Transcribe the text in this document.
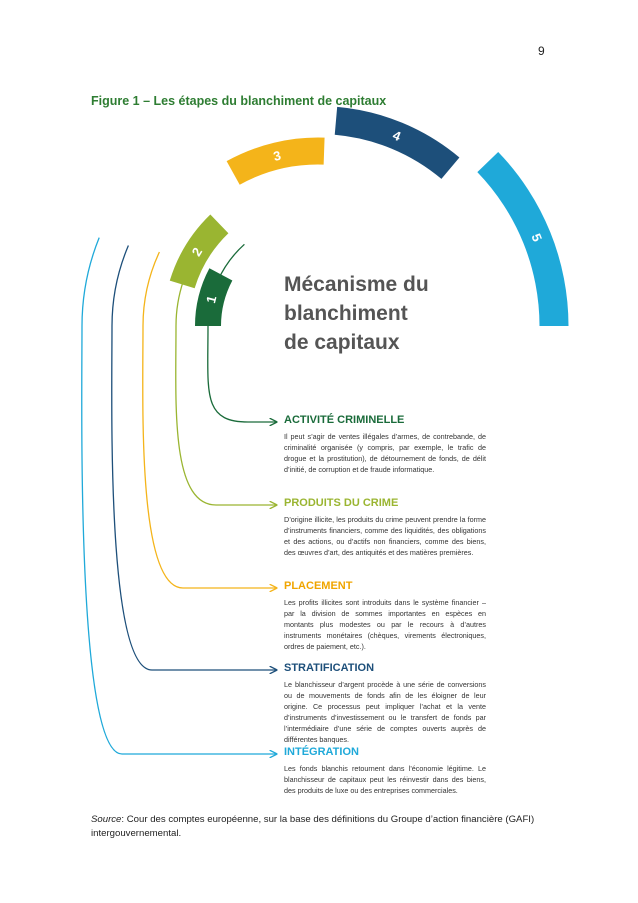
9
Figure 1 – Les étapes du blanchiment de capitaux
1
2
3
4
5
Mécanisme du
blanchiment
de capitaux
ACTIVITÉ CRIMINELLE

Il peut s’agir de ventes illégales d’armes, de contrebande, de criminalité organisée (y compris, par exemple, le trafic de drogue et la prostitution), de détournement de fonds, de délit d’initié, de corruption et de fraude informatique.

PRODUITS DU CRIME

D’origine illicite, les produits du crime peuvent prendre la forme d’instruments financiers, comme des liquidités, des obligations et des actions, ou d’actifs non financiers, comme des biens, des œuvres d’art, des antiquités et des matières premières.

PLACEMENT

Les profits illicites sont introduits dans le système financier – par la division de sommes importantes en espèces en montants plus modestes ou par le recours à d’autres instruments monétaires (chèques, virements électroniques, ordres de paiement, etc.).

STRATIFICATION

Le blanchisseur d’argent procède à une série de conversions ou de mouvements de fonds afin de les éloigner de leur origine. Ce processus peut impliquer l’achat et la vente d’instruments d’investissement ou le transfert de fonds par l’intermédiaire d’une série de comptes ouverts auprès de différentes banques.

INTÉGRATION

Les fonds blanchis retournent dans l’économie légitime. Le blanchisseur de capitaux peut les réinvestir dans des biens, des produits de luxe ou des entreprises commerciales.

Source: Cour des comptes européenne, sur la base des définitions du Groupe d’action financière (GAFI) intergouvernemental.
